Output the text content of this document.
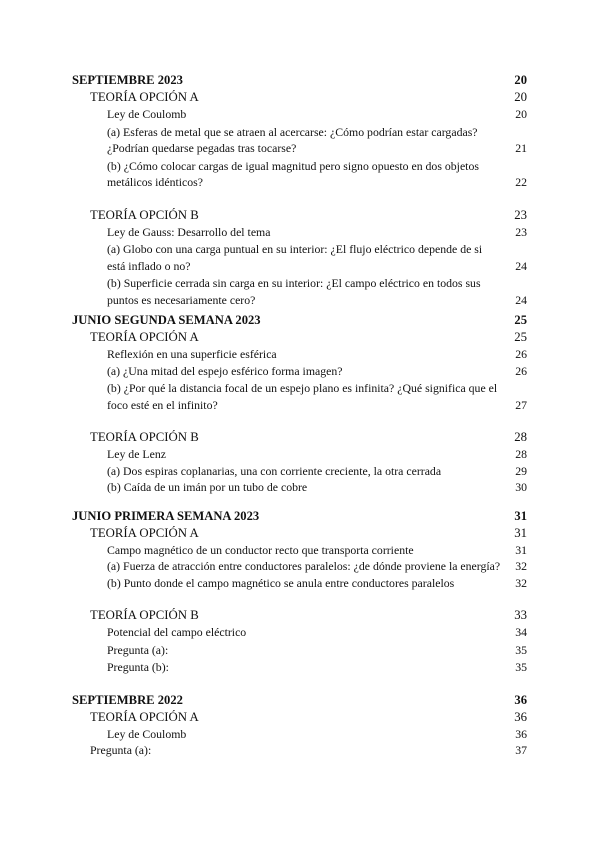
SEPTIEMBRE 2023	20
TEORÍA OPCIÓN A	20
Ley de Coulomb	20
(a) Esferas de metal que se atraen al acercarse: ¿Cómo podrían estar cargadas? ¿Podrían quedarse pegadas tras tocarse?	21
(b) ¿Cómo colocar cargas de igual magnitud pero signo opuesto en dos objetos metálicos idénticos?	22
TEORÍA OPCIÓN B	23
Ley de Gauss: Desarrollo del tema	23
(a) Globo con una carga puntual en su interior: ¿El flujo eléctrico depende de si está inflado o no?	24
(b) Superficie cerrada sin carga en su interior: ¿El campo eléctrico en todos sus puntos es necesariamente cero?	24
JUNIO SEGUNDA SEMANA 2023	25
TEORÍA OPCIÓN A	25
Reflexión en una superficie esférica	26
(a) ¿Una mitad del espejo esférico forma imagen?	26
(b) ¿Por qué la distancia focal de un espejo plano es infinita? ¿Qué significa que el foco esté en el infinito?	27
TEORÍA OPCIÓN B	28
Ley de Lenz	28
(a) Dos espiras coplanarias, una con corriente creciente, la otra cerrada	29
(b) Caída de un imán por un tubo de cobre	30
JUNIO PRIMERA SEMANA 2023	31
TEORÍA OPCIÓN A	31
Campo magnético de un conductor recto que transporta corriente	31
(a) Fuerza de atracción entre conductores paralelos: ¿de dónde proviene la energía?	32
(b) Punto donde el campo magnético se anula entre conductores paralelos	32
TEORÍA OPCIÓN B	33
Potencial del campo eléctrico	34
Pregunta (a):	35
Pregunta (b):	35
SEPTIEMBRE 2022	36
TEORÍA OPCIÓN A	36
Ley de Coulomb	36
Pregunta (a):	37
